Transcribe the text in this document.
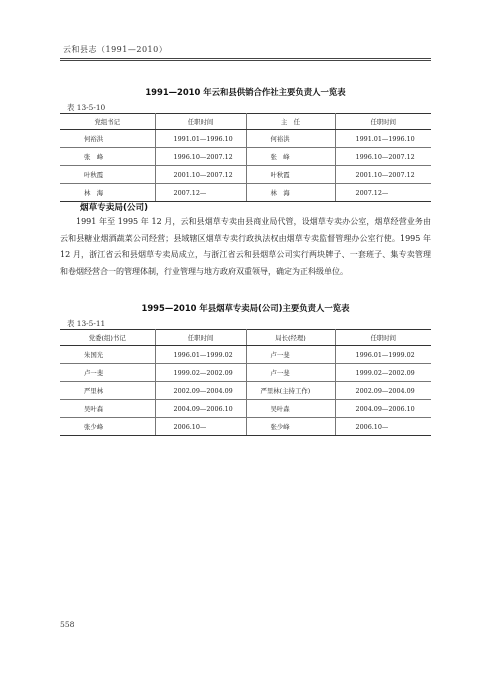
云和县志（1991—2010）
1991—2010 年云和县供销合作社主要负责人一览表
表 13-5-10
党组书记	任职时间	主　任	任职时间
何裕洪	1991.01—1996.10	何裕洪	1991.01—1996.10
张　峰	1996.10—2007.12	张　峰	1996.10—2007.12
叶秋霞	2001.10—2007.12	叶秋霞	2001.10—2007.12
林　海	2007.12—	林　海	2007.12—
烟草专卖局(公司)

1991 年至 1995 年 12 月，云和县烟草专卖由县商业局代管，设烟草专卖办公室，烟草经营业务由云和县糖业烟酒蔬菜公司经营；县域辖区烟草专卖行政执法权由烟草专卖监督管理办公室行使。1995 年 12 月，浙江省云和县烟草专卖局成立，与浙江省云和县烟草公司实行两块牌子、一套班子、集专卖管理和卷烟经营合一的管理体制，行业管理与地方政府双重领导，确定为正科级单位。

1995—2010 年县烟草专卖局(公司)主要负责人一览表
表 13-5-11
党委(组)书记	任职时间	局长(经理)	任职时间
朱国光	1996.01—1999.02	卢一斐	1996.01—1999.02
卢一斐	1999.02—2002.09	卢一斐	1999.02—2002.09
严里林	2002.09—2004.09	严里林(主持工作)	2002.09—2004.09
吴叶森	2004.09—2006.10	吴叶森	2004.09—2006.10
张少峰	2006.10—	张少峰	2006.10—
558
